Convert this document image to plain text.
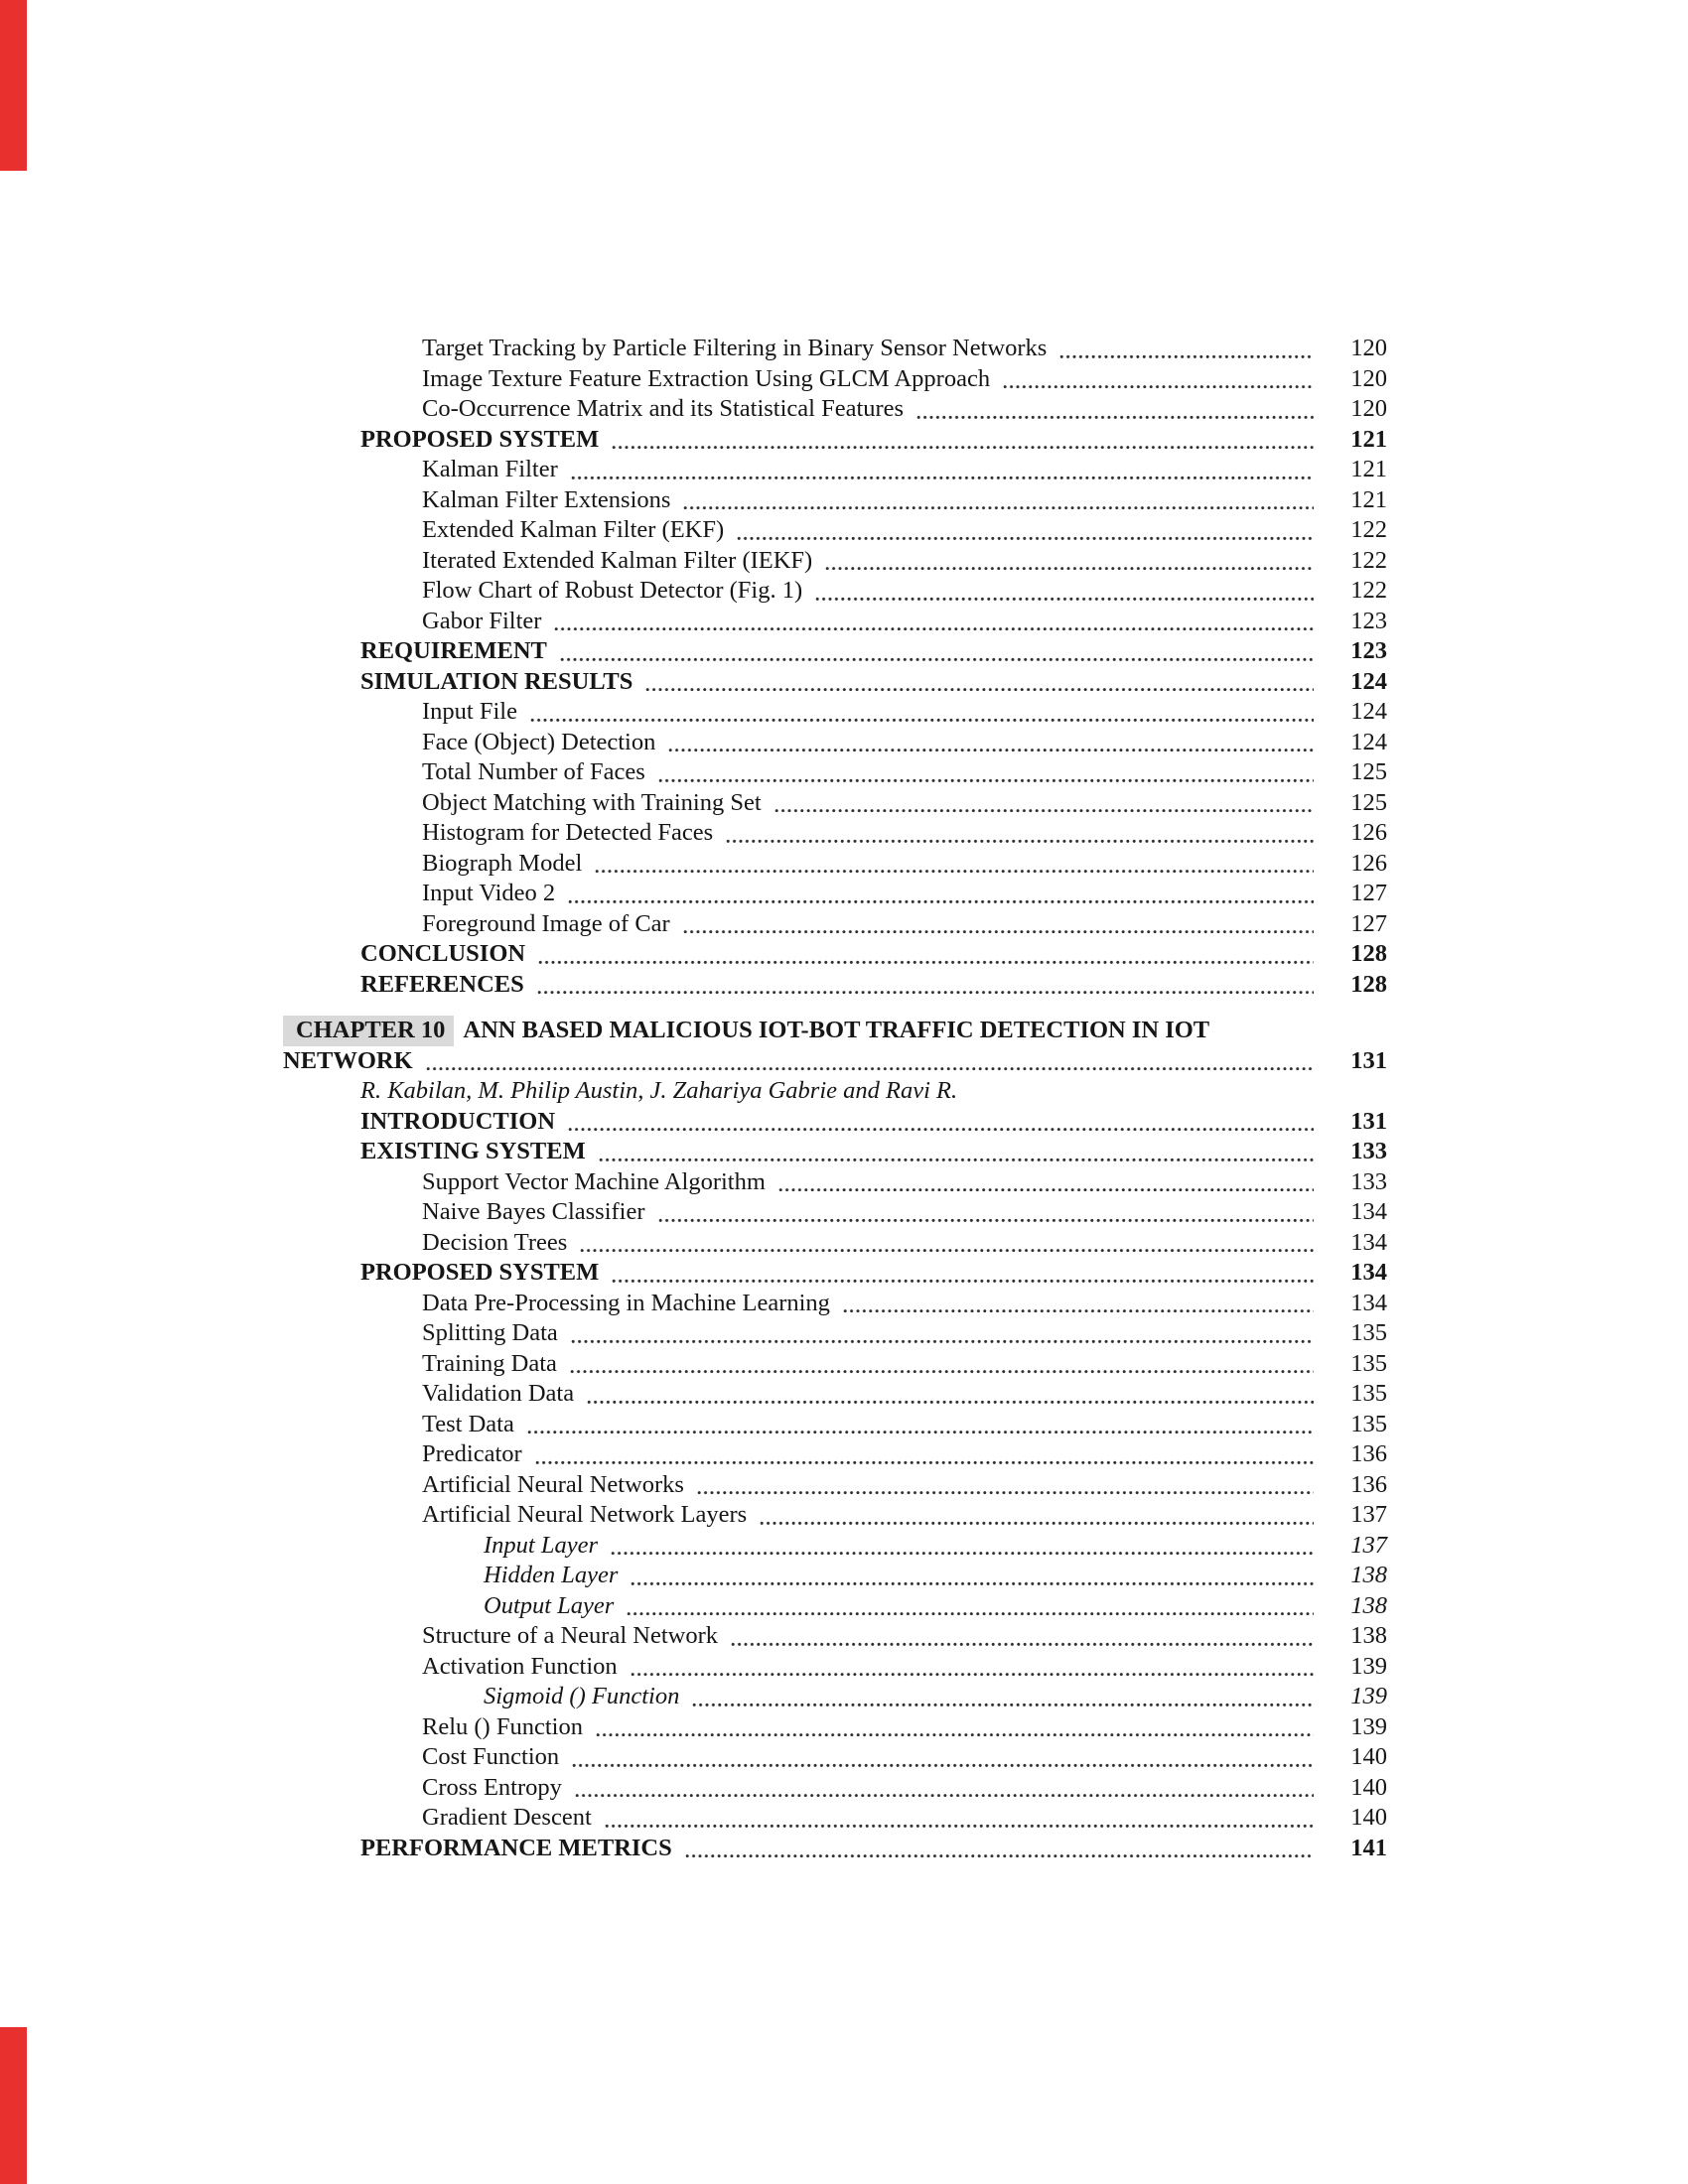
Target Tracking by Particle Filtering in Binary Sensor Networks	120
Image Texture Feature Extraction Using GLCM Approach	120
Co-Occurrence Matrix and its Statistical Features	120
PROPOSED SYSTEM	121
Kalman Filter	121
Kalman Filter Extensions	121
Extended Kalman Filter (EKF)	122
Iterated Extended Kalman Filter (IEKF)	122
Flow Chart of Robust Detector (Fig. 1)	122
Gabor Filter	123
REQUIREMENT	123
SIMULATION RESULTS	124
Input File	124
Face (Object) Detection	124
Total Number of Faces	125
Object Matching with Training Set	125
Histogram for Detected Faces	126
Biograph Model	126
Input Video 2	127
Foreground Image of Car	127
CONCLUSION	128
REFERENCES	128
CHAPTER 10 ANN BASED MALICIOUS IOT-BOT TRAFFIC DETECTION IN IOT
NETWORK	131
R. Kabilan, M. Philip Austin, J. Zahariya Gabrie and Ravi R.
INTRODUCTION	131
EXISTING SYSTEM	133
Support Vector Machine Algorithm	133
Naive Bayes Classifier	134
Decision Trees	134
PROPOSED SYSTEM	134
Data Pre-Processing in Machine Learning	134
Splitting Data	135
Training Data	135
Validation Data	135
Test Data	135
Predicator	136
Artificial Neural Networks	136
Artificial Neural Network Layers	137
Input Layer	137
Hidden Layer	138
Output Layer	138
Structure of a Neural Network	138
Activation Function	139
Sigmoid () Function	139
Relu () Function	139
Cost Function	140
Cross Entropy	140
Gradient Descent	140
PERFORMANCE METRICS	141
